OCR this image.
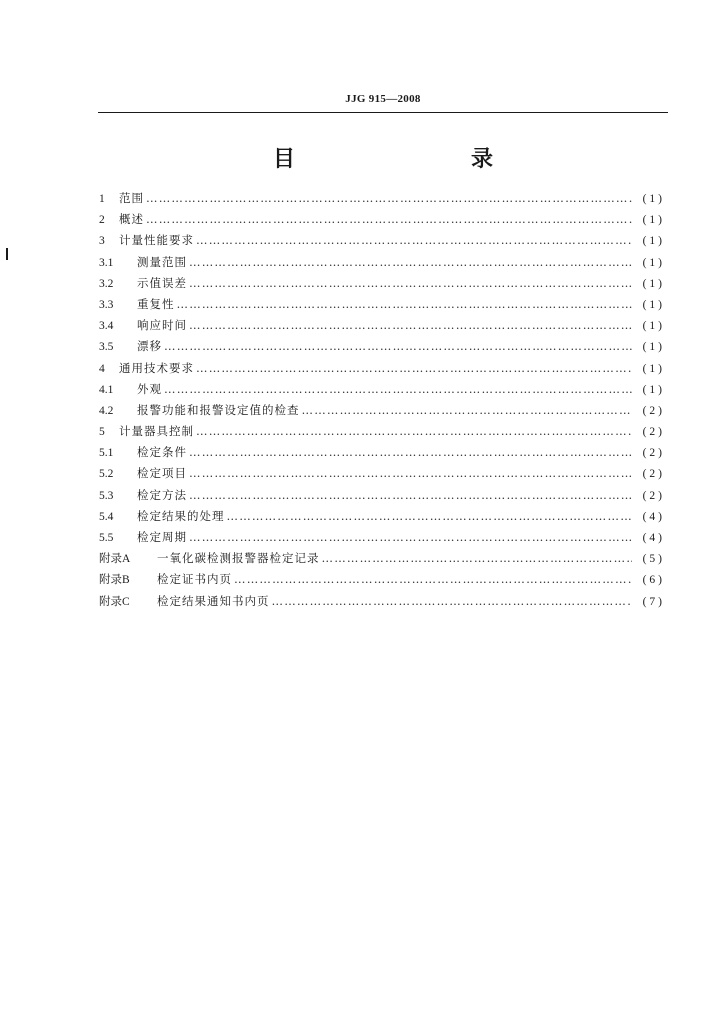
JJG 915—2008
目　　录
1	范围 ………………………………………………………………………………………………………………………………………………………………………………………………………………	(1)
2	概述 ………………………………………………………………………………………………………………………………………………………………………………………………………………	(1)
3	计量性能要求 ………………………………………………………………………………………………………………………………………………………………………………………………………………	(1)
3.1	测量范围 ………………………………………………………………………………………………………………………………………………………………………………………………………………	(1)
3.2	示值误差 ………………………………………………………………………………………………………………………………………………………………………………………………………………	(1)
3.3	重复性 ………………………………………………………………………………………………………………………………………………………………………………………………………………	(1)
3.4	响应时间 ………………………………………………………………………………………………………………………………………………………………………………………………………………	(1)
3.5	漂移 ………………………………………………………………………………………………………………………………………………………………………………………………………………	(1)
4	通用技术要求 ………………………………………………………………………………………………………………………………………………………………………………………………………………	(1)
4.1	外观 ………………………………………………………………………………………………………………………………………………………………………………………………………………	(1)
4.2	报警功能和报警设定值的检查 ………………………………………………………………………………………………………………………………………………………………………………………………………………	(2)
5	计量器具控制 ………………………………………………………………………………………………………………………………………………………………………………………………………………	(2)
5.1	检定条件 ………………………………………………………………………………………………………………………………………………………………………………………………………………	(2)
5.2	检定项目 ………………………………………………………………………………………………………………………………………………………………………………………………………………	(2)
5.3	检定方法 ………………………………………………………………………………………………………………………………………………………………………………………………………………	(2)
5.4	检定结果的处理 ………………………………………………………………………………………………………………………………………………………………………………………………………………	(4)
5.5	检定周期 ………………………………………………………………………………………………………………………………………………………………………………………………………………	(4)
附录A	一氧化碳检测报警器检定记录 ………………………………………………………………………………………………………………………………………………………………………………………………………………	(5)
附录B	检定证书内页 ………………………………………………………………………………………………………………………………………………………………………………………………………………	(6)
附录C	检定结果通知书内页 ………………………………………………………………………………………………………………………………………………………………………………………………………………	(7)
